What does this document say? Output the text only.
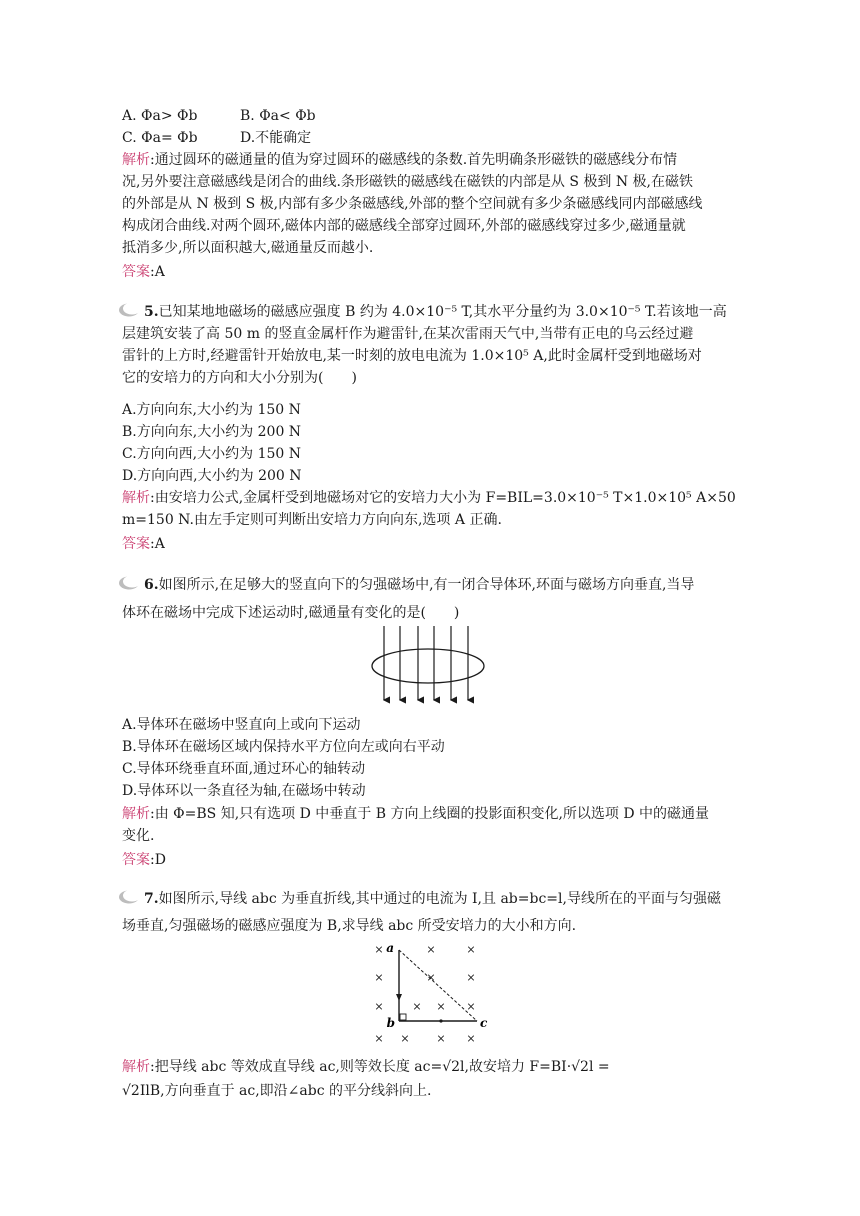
A. Φa> Φb	B. Φa< Φb
C. Φa= Φb	D.不能确定
解析:通过圆环的磁通量的值为穿过圆环的磁感线的条数.首先明确条形磁铁的磁感线分布情
况,另外要注意磁感线是闭合的曲线.条形磁铁的磁感线在磁铁的内部是从 S 极到 N 极,在磁铁
的外部是从 N 极到 S 极,内部有多少条磁感线,外部的整个空间就有多少条磁感线同内部磁感线
构成闭合曲线.对两个圆环,磁体内部的磁感线全部穿过圆环,外部的磁感线穿过多少,磁通量就
抵消多少,所以面积越大,磁通量反而越小.
答案:A
5.已知某地地磁场的磁感应强度 B 约为 4.0×10⁻⁵ T,其水平分量约为 3.0×10⁻⁵ T.若该地一高
层建筑安装了高 50 m 的竖直金属杆作为避雷针,在某次雷雨天气中,当带有正电的乌云经过避
雷针的上方时,经避雷针开始放电,某一时刻的放电电流为 1.0×10⁵ A,此时金属杆受到地磁场对
它的安培力的方向和大小分别为(　　)
A.方向向东,大小约为 150 N
B.方向向东,大小约为 200 N
C.方向向西,大小约为 150 N
D.方向向西,大小约为 200 N
解析:由安培力公式,金属杆受到地磁场对它的安培力大小为 F=BIL=3.0×10⁻⁵ T×1.0×10⁵ A×50
m=150 N.由左手定则可判断出安培力方向向东,选项 A 正确.
答案:A
6.如图所示,在足够大的竖直向下的匀强磁场中,有一闭合导体环,环面与磁场方向垂直,当导
体环在磁场中完成下述运动时,磁通量有变化的是(　　)
A.导体环在磁场中竖直向上或向下运动
B.导体环在磁场区域内保持水平方位向左或向右平动
C.导体环绕垂直环面,通过环心的轴转动
D.导体环以一条直径为轴,在磁场中转动
解析:由 Φ=BS 知,只有选项 D 中垂直于 B 方向上线圈的投影面积变化,所以选项 D 中的磁通量
变化.
答案:D
7.如图所示,导线 abc 为垂直折线,其中通过的电流为 I,且 ab=bc=l,导线所在的平面与匀强磁
场垂直,匀强磁场的磁感应强度为 B,求导线 abc 所受安培力的大小和方向.
×	×	×
×	×	×
×	× × ×
× × × ×
a
b	c
解析:把导线 abc 等效成直导线 ac,则等效长度 ac=√2l,故安培力 F=BI·√2l =
√2IlB,方向垂直于 ac,即沿∠abc 的平分线斜向上.
